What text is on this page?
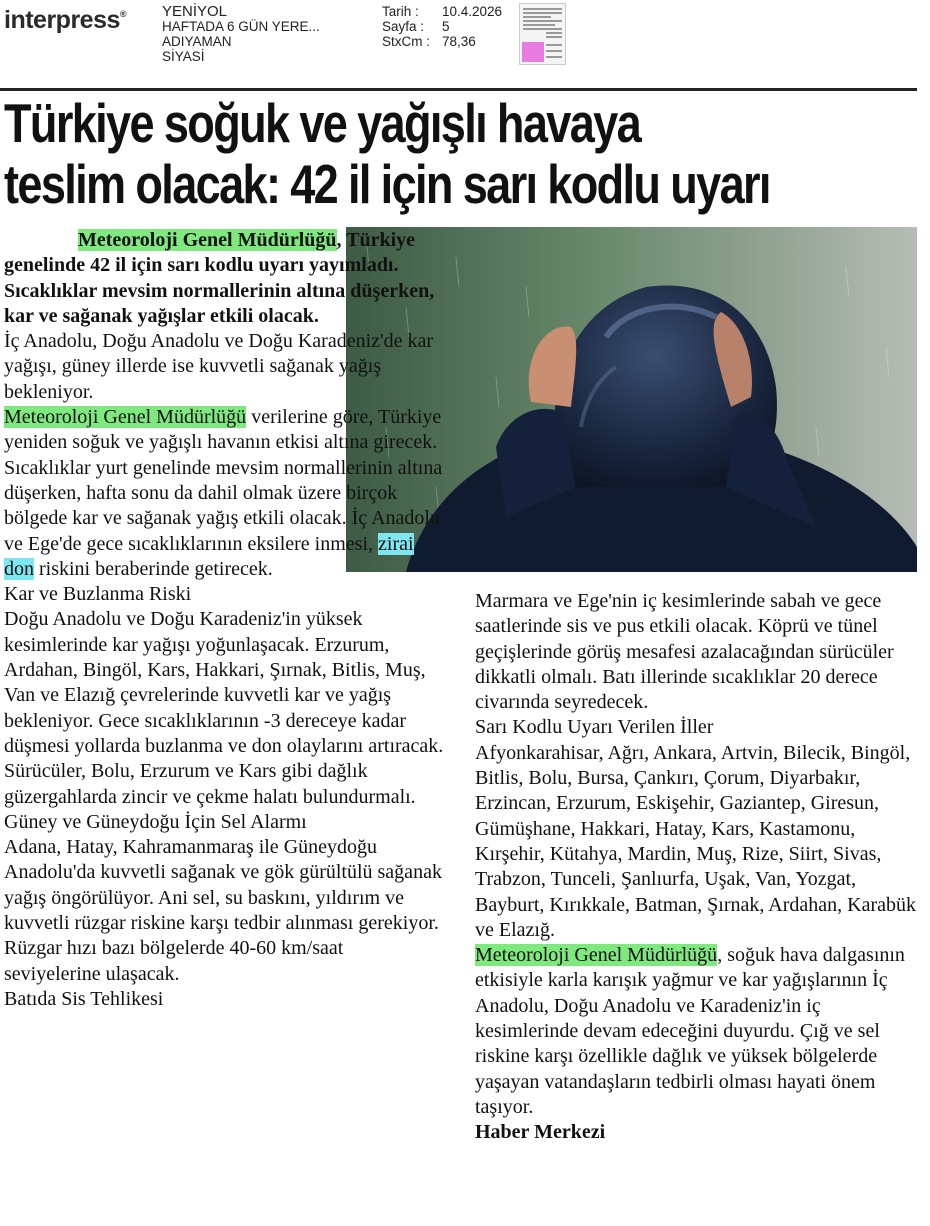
interpress® YENİYOL
HAFTADA 6 GÜN YERE...
ADIYAMAN
SİYASİ
Tarih :	10.4.2026
Sayfa :	5
StxCm : 78,36
Türkiye soğuk ve yağışlı havaya
teslim olacak: 42 il için sarı kodlu uyarı

Meteoroloji Genel Müdürlüğü, Türkiye genelinde 42 il için sarı kodlu uyarı yayımladı. Sıcaklıklar mevsim normallerinin altına düşerken, kar ve sağanak yağışlar etkili olacak.

İç Anadolu, Doğu Anadolu ve Doğu Karadeniz'de kar yağışı, güney illerde ise kuvvetli sağanak yağış bekleniyor.

Meteoroloji Genel Müdürlüğü verilerine göre, Türkiye yeniden soğuk ve yağışlı havanın etkisi altına girecek. Sıcaklıklar yurt genelinde mevsim normallerinin altına düşerken, hafta sonu da dahil olmak üzere birçok bölgede kar ve sağanak yağış etkili olacak. İç Anadolu ve Ege'de gece sıcaklıklarının eksilere inmesi, zirai don riskini beraberinde getirecek.

Kar ve Buzlanma Riski

Doğu Anadolu ve Doğu Karadeniz'in yüksek kesimlerinde kar yağışı yoğunlaşacak. Erzurum, Ardahan, Bingöl, Kars, Hakkari, Şırnak, Bitlis, Muş, Van ve Elazığ çevrelerinde kuvvetli kar ve yağış bekleniyor. Gece sıcaklıklarının -3 dereceye kadar düşmesi yollarda buzlanma ve don olaylarını artıracak. Sürücüler, Bolu, Erzurum ve Kars gibi dağlık güzergahlarda zincir ve çekme halatı bulundurmalı.

Güney ve Güneydoğu İçin Sel Alarmı

Adana, Hatay, Kahramanmaraş ile Güneydoğu Anadolu'da kuvvetli sağanak ve gök gürültülü sağanak yağış öngörülüyor. Ani sel, su baskını, yıldırım ve kuvvetli rüzgar riskine karşı tedbir alınması gerekiyor. Rüzgar hızı bazı bölgelerde 40-60 km/saat seviyelerine ulaşacak.

Batıda Sis Tehlikesi

Marmara ve Ege'nin iç kesimlerinde sabah ve gece saatlerinde sis ve pus etkili olacak. Köprü ve tünel geçişlerinde görüş mesafesi azalacağından sürücüler dikkatli olmalı. Batı illerinde sıcaklıklar 20 derece civarında seyredecek.

Sarı Kodlu Uyarı Verilen İller

Afyonkarahisar, Ağrı, Ankara, Artvin, Bilecik, Bingöl, Bitlis, Bolu, Bursa, Çankırı, Çorum, Diyarbakır, Erzincan, Erzurum, Eskişehir, Gaziantep, Giresun, Gümüşhane, Hakkari, Hatay, Kars, Kastamonu, Kırşehir, Kütahya, Mardin, Muş, Rize, Siirt, Sivas, Trabzon, Tunceli, Şanlıurfa, Uşak, Van, Yozgat, Bayburt, Kırıkkale, Batman, Şırnak, Ardahan, Karabük ve Elazığ.

Meteoroloji Genel Müdürlüğü, soğuk hava dalgasının etkisiyle karla karışık yağmur ve kar yağışlarının İç Anadolu, Doğu Anadolu ve Karadeniz'in iç kesimlerinde devam edeceğini duyurdu. Çığ ve sel riskine karşı özellikle dağlık ve yüksek bölgelerde yaşayan vatandaşların tedbirli olması hayati önem taşıyor.

Haber Merkezi
